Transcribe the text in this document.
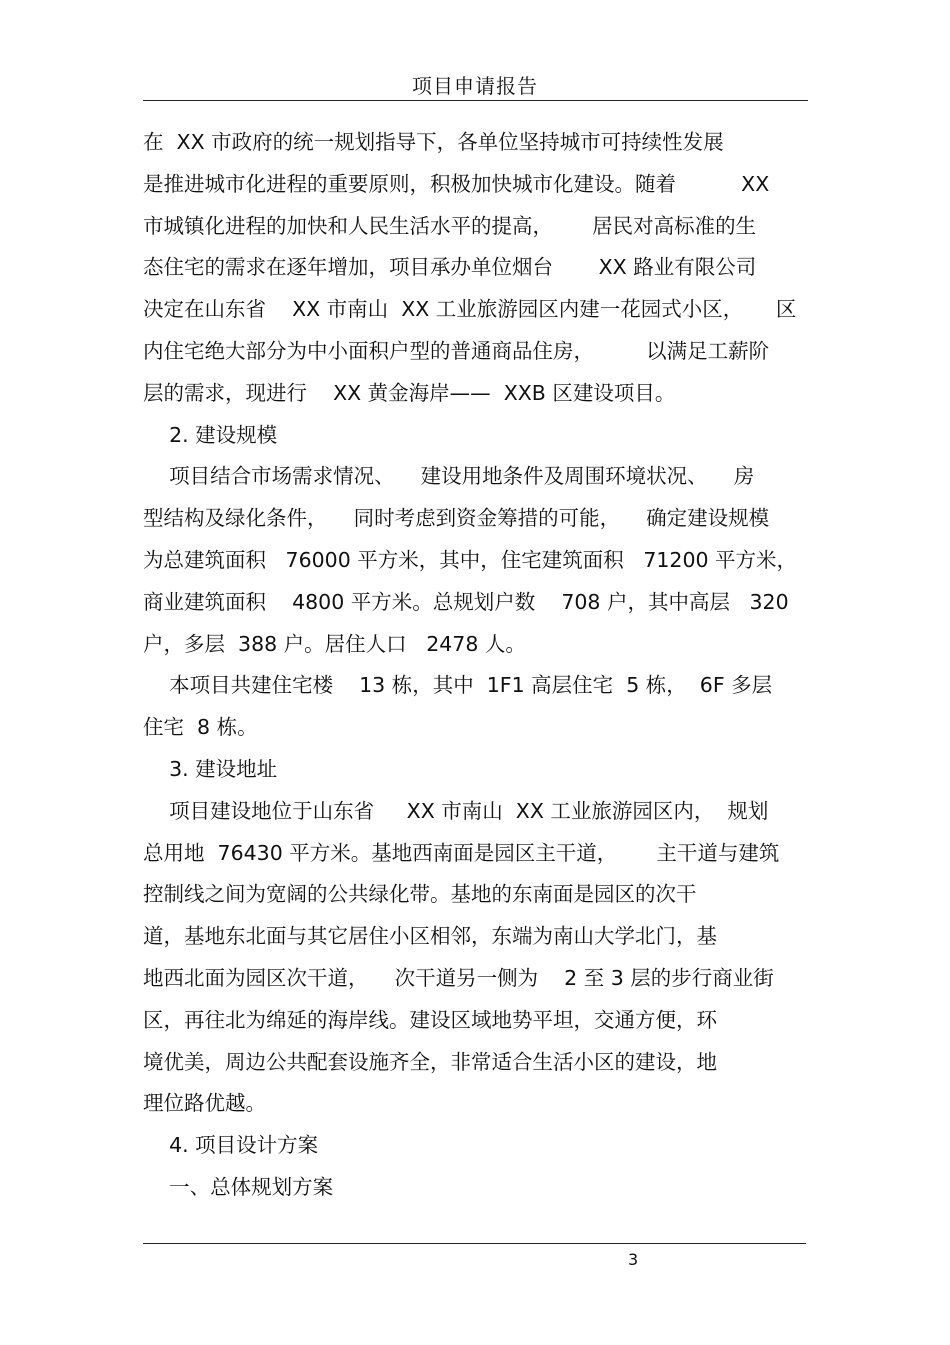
项目申请报告
在  XX 市政府的统一规划指导下，各单位坚持城市可持续性发展
是推进城市化进程的重要原则，积极加快城市化建设。随着          XX
市城镇化进程的加快和人民生活水平的提高，      居民对高标准的生
态住宅的需求在逐年增加，项目承办单位烟台       XX 路业有限公司
决定在山东省    XX 市南山  XX 工业旅游园区内建一花园式小区，     区
内住宅绝大部分为中小面积户型的普通商品住房，        以满足工薪阶
层的需求，现进行    XX 黄金海岸——  XXB 区建设项目。
2. 建设规模
项目结合市场需求情况、    建设用地条件及周围环境状况、    房
型结构及绿化条件，    同时考虑到资金筹措的可能，    确定建设规模
为总建筑面积   76000 平方米，其中，住宅建筑面积   71200 平方米，
商业建筑面积    4800 平方米。总规划户数    708 户，其中高层   320
户，多层  388 户。居住人口   2478 人。
本项目共建住宅楼    13 栋，其中  1F1 高层住宅  5 栋，  6F 多层
住宅  8 栋。
3. 建设地址
项目建设地位于山东省     XX 市南山  XX 工业旅游园区内，  规划
总用地  76430 平方米。基地西南面是园区主干道，      主干道与建筑
控制线之间为宽阔的公共绿化带。基地的东南面是园区的次干
道，基地东北面与其它居住小区相邻，东端为南山大学北门，基
地西北面为园区次干道，    次干道另一侧为    2 至 3 层的步行商业街
区，再往北为绵延的海岸线。建设区域地势平坦，交通方便，环
境优美，周边公共配套设施齐全，非常适合生活小区的建设，地
理位路优越。
4. 项目设计方案
一、总体规划方案
3
